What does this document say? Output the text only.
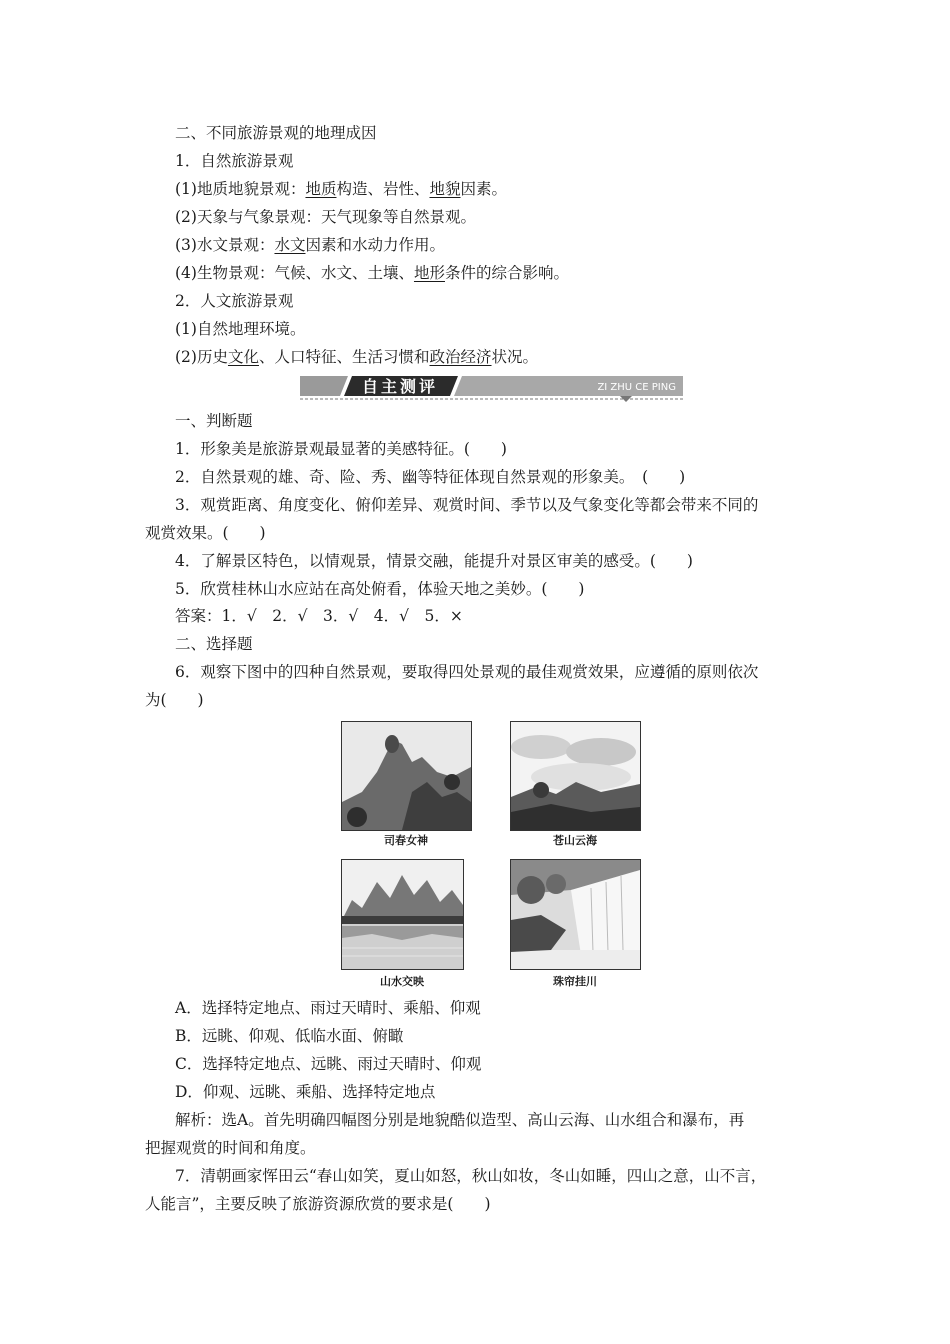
二、不同旅游景观的地理成因
1．自然旅游景观
(1)地质地貌景观：地质构造、岩性、地貌因素。
(2)天象与气象景观：天气现象等自然景观。
(3)水文景观：水文因素和水动力作用。
(4)生物景观：气候、水文、土壤、地形条件的综合影响。
2．人文旅游景观
(1)自然地理环境。
(2)历史文化、人口特征、生活习惯和政治经济状况。
自主测评	ZI ZHU CE PING
一、判断题
1．形象美是旅游景观最显著的美感特征。(　　)
2．自然景观的雄、奇、险、秀、幽等特征体现自然景观的形象美。　(　　)
3．观赏距离、角度变化、俯仰差异、观赏时间、季节以及气象变化等都会带来不同的
观赏效果。(　　)
4．了解景区特色，以情观景，情景交融，能提升对景区审美的感受。(　　)
5．欣赏桂林山水应站在高处俯看，体验天地之美妙。(　　)
答案：1．√　2．√　3．√　4．√　5．×
二、选择题
6．观察下图中的四种自然景观，要取得四处景观的最佳观赏效果，应遵循的原则依次
为(　　)
司春女神	苍山云海
山水交映	珠帘挂川
A．选择特定地点、雨过天晴时、乘船、仰观
B．远眺、仰观、低临水面、俯瞰
C．选择特定地点、远眺、雨过天晴时、仰观
D．仰观、远眺、乘船、选择特定地点
解析：选A。首先明确四幅图分别是地貌酷似造型、高山云海、山水组合和瀑布，再
把握观赏的时间和角度。
7．清朝画家恽田云“春山如笑，夏山如怒，秋山如妆，冬山如睡，四山之意，山不言，
人能言”，主要反映了旅游资源欣赏的要求是(　　)
